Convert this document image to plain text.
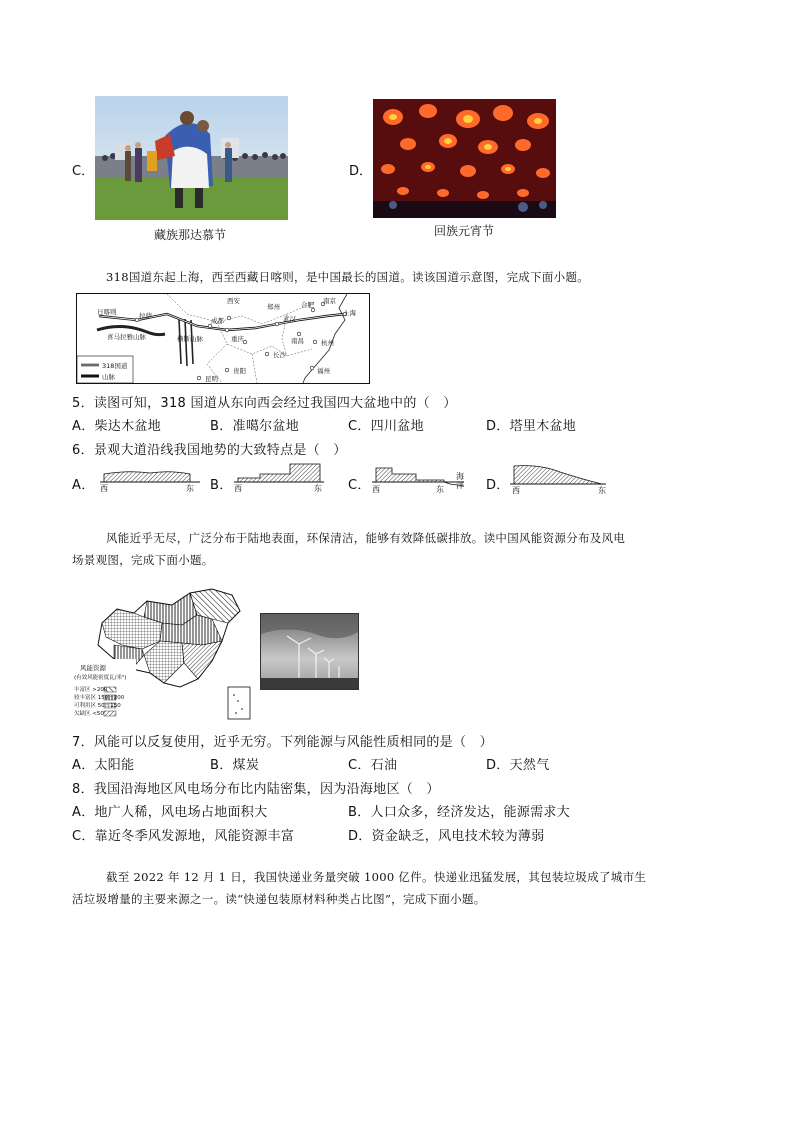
C．
藏族那达慕节
D．
回族元宵节
318国道东起上海，西至西藏日喀则，是中国最长的国道。读该国道示意图，完成下面小题。
日喀则	拉萨
西安
郑州	合肥 南京
上海
成都	武汉
重庆
长沙
杭州
南昌
福州
贵阳
昆明
喜马拉雅山脉	横断山脉
318国道
山脉
5．读图可知，318 国道从东向西会经过我国四大盆地中的（　）
A．柴达木盆地	B．准噶尔盆地	C．四川盆地	D．塔里木盆地
6．景观大道沿线我国地势的大致特点是（　）
A． 西	东 B． 西	东 C． 西	东
海洋	D． 西	东
风能近乎无尽，广泛分布于陆地表面，环保清洁，能够有效降低碳排放。读中国风能资源分布及风电
场景观图，完成下面小题。
风能资源
(有效风能密度瓦/米²)
丰富区 >200
较丰富区 150～200
可利用区 50～150
欠缺区 <50
7．风能可以反复使用，近乎无穷。下列能源与风能性质相同的是（　）
A．太阳能	B．煤炭	C．石油	D．天然气
8．我国沿海地区风电场分布比内陆密集，因为沿海地区（　）
A．地广人稀，风电场占地面积大	B．人口众多，经济发达，能源需求大
C．靠近冬季风发源地，风能资源丰富	D．资金缺乏，风电技术较为薄弱
截至 2022 年 12 月 1 日，我国快递业务量突破 1000 亿件。快递业迅猛发展，其包装垃圾成了城市生
活垃圾增量的主要来源之一。读“快递包装原材料种类占比图”，完成下面小题。
